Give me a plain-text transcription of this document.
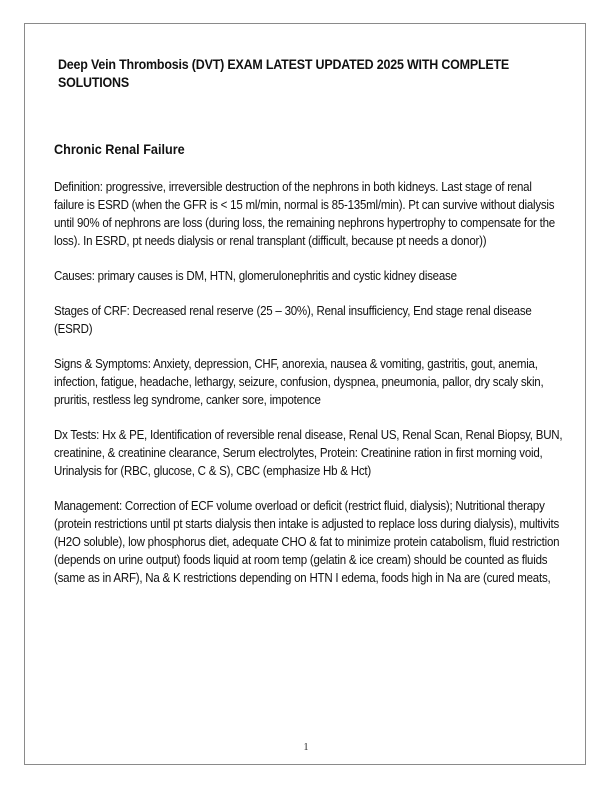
Deep Vein Thrombosis (DVT) EXAM LATEST UPDATED 2025 WITH COMPLETE SOLUTIONS
Chronic Renal Failure

Definition: progressive, irreversible destruction of the nephrons in both kidneys. Last stage of renal failure is ESRD (when the GFR is < 15 ml/min, normal is 85-135ml/min). Pt can survive without dialysis until 90% of nephrons are loss (during loss, the remaining nephrons hypertrophy to compensate for the loss). In ESRD, pt needs dialysis or renal transplant (difficult, because pt needs a donor))

Causes: primary causes is DM, HTN, glomerulonephritis and cystic kidney disease

Stages of CRF: Decreased renal reserve (25 – 30%), Renal insufficiency, End stage renal disease (ESRD)

Signs & Symptoms: Anxiety, depression, CHF, anorexia, nausea & vomiting, gastritis, gout, anemia, infection, fatigue, headache, lethargy, seizure, confusion, dyspnea, pneumonia, pallor, dry scaly skin, pruritis, restless leg syndrome, canker sore, impotence

Dx Tests: Hx & PE, Identification of reversible renal disease, Renal US, Renal Scan, Renal Biopsy, BUN, creatinine, & creatinine clearance, Serum electrolytes, Protein: Creatinine ration in first morning void, Urinalysis for (RBC, glucose, C & S), CBC (emphasize Hb & Hct)

Management: Correction of ECF volume overload or deficit (restrict fluid, dialysis); Nutritional therapy (protein restrictions until pt starts dialysis then intake is adjusted to replace loss during dialysis), multivits (H2O soluble), low phosphorus diet, adequate CHO & fat to minimize protein catabolism, fluid restriction (depends on urine output) foods liquid at room temp (gelatin & ice cream) should be counted as fluids (same as in ARF), Na & K restrictions depending on HTN I edema, foods high in Na are (cured meats,

1
